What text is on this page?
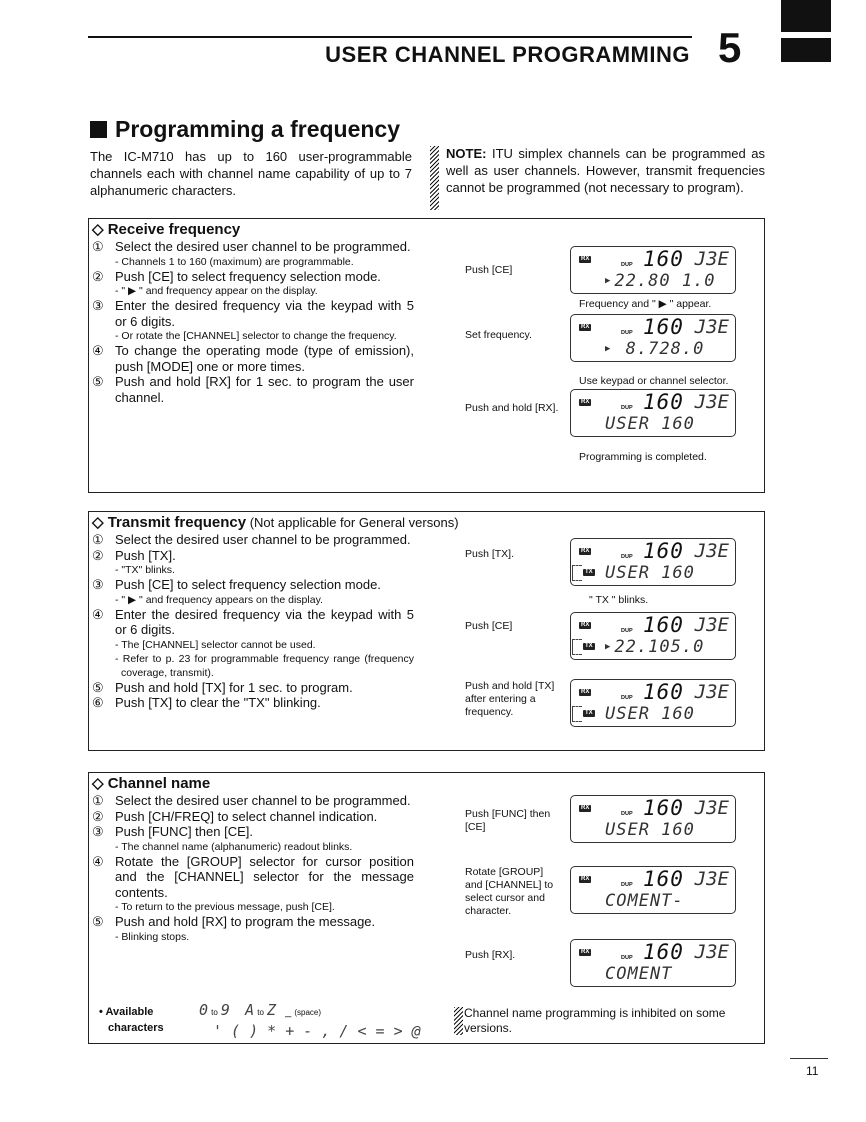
USER CHANNEL PROGRAMMING 5
Programming a frequency
The IC-M710 has up to 160 user-programmable channels each with channel name capability of up to 7 alphanumeric characters.
NOTE: ITU simplex channels can be programmed as well as user channels. However, transmit frequencies cannot be programmed (not necessary to program).
◇ Receive frequency
① Select the desired user channel to be programmed.
- Channels 1 to 160 (maximum) are programmable.
② Push [CE] to select frequency selection mode.
- " ▶ " and frequency appear on the display.
③ Enter the desired frequency via the keypad with 5 or 6 digits.
- Or rotate the [CHANNEL] selector to change the frequency.
④ To change the operating mode (type of emission), push [MODE] one or more times.
⑤ Push and hold [RX] for 1 sec. to program the user channel.
Push [CE]
RX
DUP 160 J3E
▶ 22.80 1.0
Frequency and " ▶ " appear.
Set frequency.
RX
DUP 160 J3E
▶ 8.728.0
Use keypad or channel selector.
Push and hold [RX].	RX
DUP 160 J3E
USER 160
Programming is completed.
◇ Transmit frequency (Not applicable for General versons)
① Select the desired user channel to be programmed.
② Push [TX].
- "TX" blinks.
③ Push [CE] to select frequency selection mode.
- " ▶ " and frequency appears on the display.
④ Enter the desired frequency via the keypad with 5 or 6 digits.
- The [CHANNEL] selector cannot be used.
- Refer to p. 23 for programmable frequency range (frequency coverage, transmit).
⑤ Push and hold [TX] for 1 sec. to program.
⑥ Push [TX] to clear the "TX" blinking.
Push [TX].	RX
TX
DUP 160 J3E
USER 160
" TX " blinks.
Push [CE]	RX
TX
DUP 160 J3E
▶ 22.105.0
Push and hold [TX] after entering a frequency.
RX
TX
DUP 160 J3E
USER 160
• Available
characters
0 to 9 A to Z _ (space)
' ( ) * + - , / < = > @
Channel name programming is inhibited on some versions.
◇ Channel name
① Select the desired user channel to be programmed.
② Push [CH/FREQ] to select channel indication.
③ Push [FUNC] then [CE].
- The channel name (alphanumeric) readout blinks.
④ Rotate the [GROUP] selector for cursor position and the [CHANNEL] selector for the message contents.
- To return to the previous message, push [CE].
⑤ Push and hold [RX] to program the message.
- Blinking stops.
Push [FUNC] then [CE]
RX
DUP 160 J3E
USER 160
Rotate [GROUP] and [CHANNEL] to select cursor and character.
RX
DUP 160 J3E
COMENT-
Push [RX].	RX
DUP 160 J3E
COMENT
11
